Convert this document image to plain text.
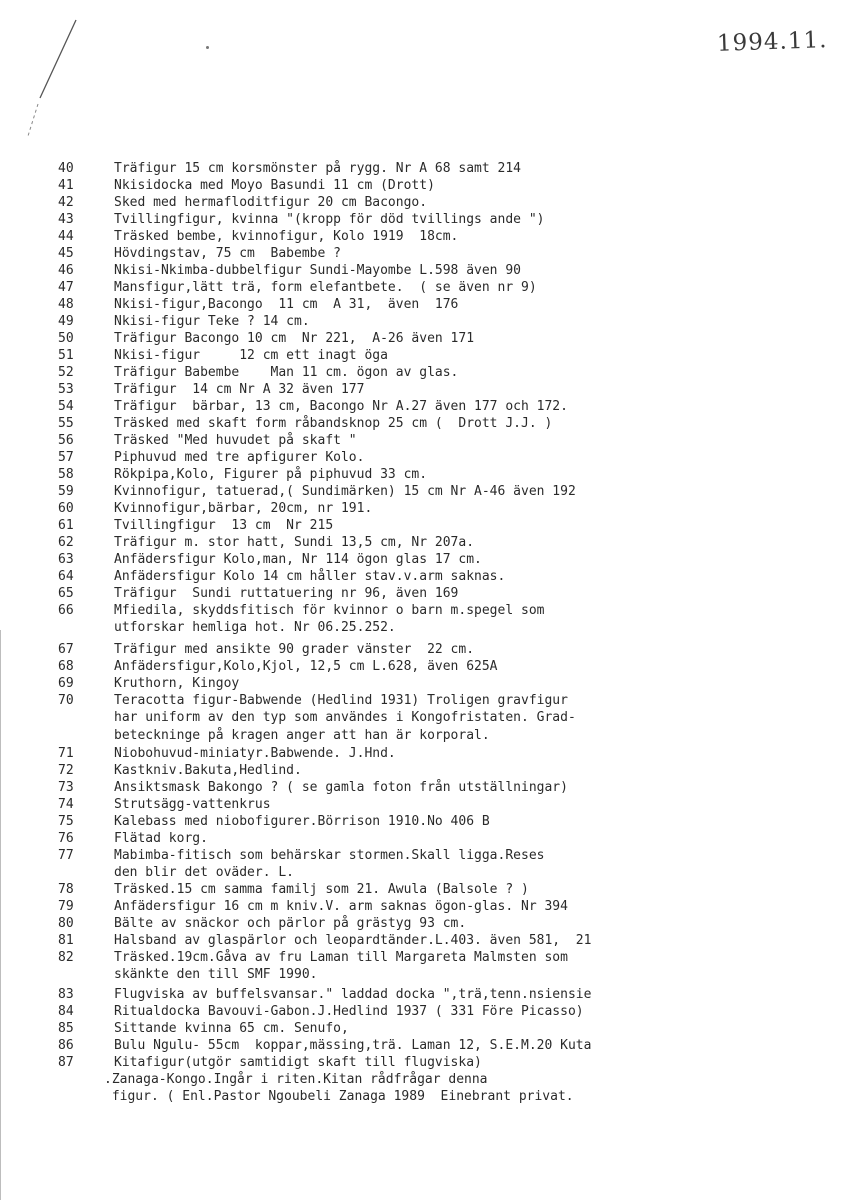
1994.11.
40	Träfigur 15 cm korsmönster på rygg. Nr A 68 samt 214
41	Nkisidocka med Moyo Basundi 11 cm (Drott)
42	Sked med hermafloditfigur 20 cm Bacongo.
43	Tvillingfigur, kvinna "(kropp för död tvillings ande ")
44	Träsked bembe, kvinnofigur, Kolo 1919  18cm.
45	Hövdingstav, 75 cm  Babembe ?
46	Nkisi-Nkimba-dubbelfigur Sundi-Mayombe L.598 även 90
47	Mansfigur,lätt trä, form elefantbete.  ( se även nr 9)
48	Nkisi-figur,Bacongo  11 cm  A 31,  även  176
49	Nkisi-figur Teke ? 14 cm.
50	Träfigur Bacongo 10 cm  Nr 221,  A-26 även 171
51	Nkisi-figur     12 cm ett inagt öga
52	Träfigur Babembe    Man 11 cm. ögon av glas.
53	Träfigur  14 cm Nr A 32 även 177
54	Träfigur  bärbar, 13 cm, Bacongo Nr A.27 även 177 och 172.
55	Träsked med skaft form råbandsknop 25 cm (  Drott J.J. )
56	Träsked "Med huvudet på skaft "
57	Piphuvud med tre apfigurer Kolo.
58	Rökpipa,Kolo, Figurer på piphuvud 33 cm.
59	Kvinnofigur, tatuerad,( Sundimärken) 15 cm Nr A-46 även 192
60	Kvinnofigur,bärbar, 20cm, nr 191.
61	Tvillingfigur  13 cm  Nr 215
62	Träfigur m. stor hatt, Sundi 13,5 cm, Nr 207a.
63	Anfädersfigur Kolo,man, Nr 114 ögon glas 17 cm.
64	Anfädersfigur Kolo 14 cm håller stav.v.arm saknas.
65	Träfigur  Sundi ruttatuering nr 96, även 169
66	Mfiedila, skyddsfitisch för kvinnor o barn m.spegel som
utforskar hemliga hot. Nr 06.25.252.
67	Träfigur med ansikte 90 grader vänster  22 cm.
68	Anfädersfigur,Kolo,Kjol, 12,5 cm L.628, även 625A
69	Kruthorn, Kingoy
70	Teracotta figur-Babwende (Hedlind 1931) Troligen gravfigur
har uniform av den typ som användes i Kongofristaten. Grad-
beteckninge på kragen anger att han är korporal.
71	Niobohuvud-miniatyr.Babwende. J.Hnd.
72	Kastkniv.Bakuta,Hedlind.
73	Ansiktsmask Bakongo ? ( se gamla foton från utställningar)
74	Strutsägg-vattenkrus
75	Kalebass med niobofigurer.Börrison 1910.No 406 B
76	Flätad korg.
77	Mabimba-fitisch som behärskar stormen.Skall ligga.Reses
den blir det oväder. L.
78	Träsked.15 cm samma familj som 21. Awula (Balsole ? )
79	Anfädersfigur 16 cm m kniv.V. arm saknas ögon-glas. Nr 394
80	Bälte av snäckor och pärlor på grästyg 93 cm.
81	Halsband av glaspärlor och leopardtänder.L.403. även 581,  21
82	Träsked.19cm.Gåva av fru Laman till Margareta Malmsten som
skänkte den till SMF 1990.
83	Flugviska av buffelsvansar." laddad docka ",trä,tenn.nsiensie
84	Ritualdocka Bavouvi-Gabon.J.Hedlind 1937 ( 331 Före Picasso)
85	Sittande kvinna 65 cm. Senufo,
86	Bulu Ngulu- 55cm  koppar,mässing,trä. Laman 12, S.E.M.20 Kuta
87	Kitafigur(utgör samtidigt skaft till flugviska)
.Zanaga-Kongo.Ingår i riten.Kitan rådfrågar denna
figur. ( Enl.Pastor Ngoubeli Zanaga 1989  Einebrant privat.
